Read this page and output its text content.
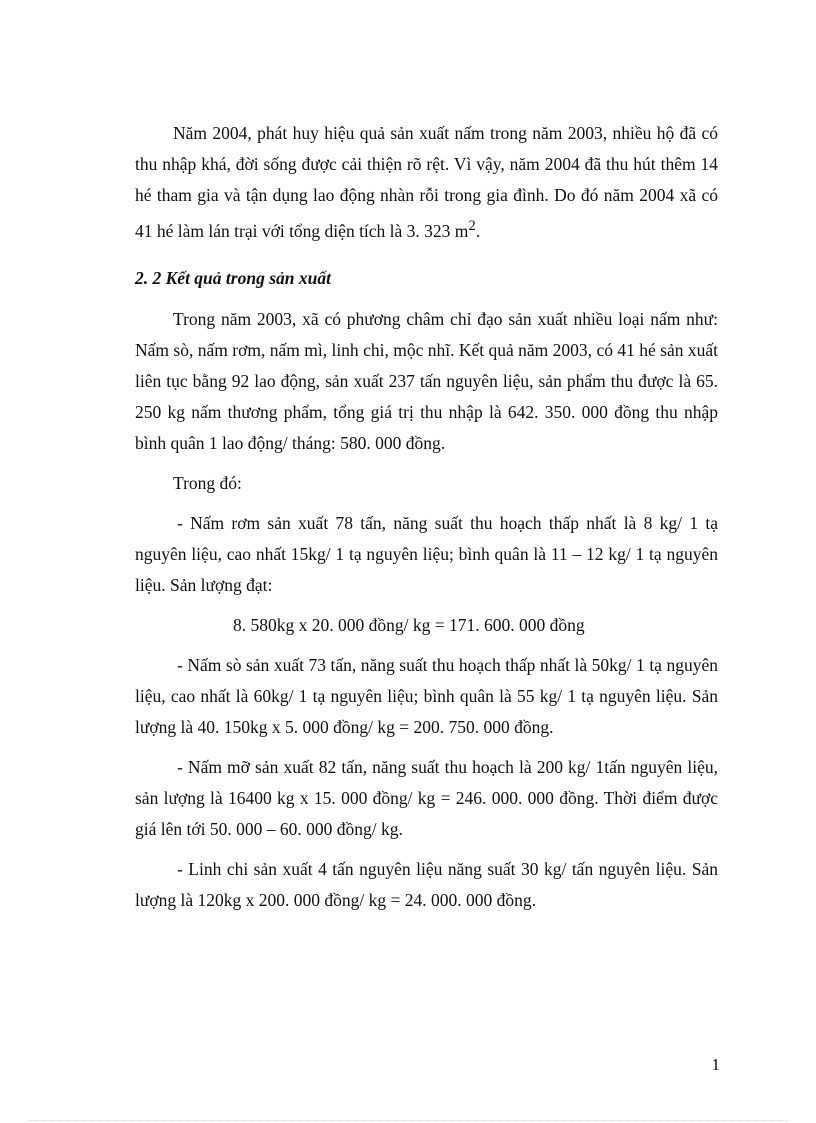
Năm 2004, phát huy hiệu quả sản xuất nấm trong năm 2003, nhiều hộ đã có thu nhập khá, đời sống được cải thiện rõ rệt. Vì vậy, năm 2004 đã thu hút thêm 14 hé tham gia và tận dụng lao động nhàn rỗi trong gia đình. Do đó năm 2004 xã có 41 hé làm lán trại với tổng diện tích là 3. 323 $m^2$.

2. 2 Kết quả trong sản xuất

Trong năm 2003, xã có phương châm chỉ đạo sản xuất nhiều loại nấm như: Nấm sò, nấm rơm, nấm mì, linh chi, mộc nhĩ. Kết quả năm 2003, có 41 hé sản xuất liên tục bằng 92 lao động, sản xuất 237 tấn nguyên liệu, sản phẩm thu được là 65. 250 kg nấm thương phẩm, tổng giá trị thu nhập là 642. 350. 000 đồng thu nhập bình quân 1 lao động/ tháng: 580. 000 đồng.

Trong đó:

- Nấm rơm sản xuất 78 tấn, năng suất thu hoạch thấp nhất là 8 kg/ 1 tạ nguyên liệu, cao nhất 15kg/ 1 tạ nguyên liệu; bình quân là 11 – 12 kg/ 1 tạ nguyên liệu. Sản lượng đạt:

8. 580kg x 20. 000 đồng/ kg = 171. 600. 000 đồng

- Nấm sò sản xuất 73 tấn, năng suất thu hoạch thấp nhất là 50kg/ 1 tạ nguyên liệu, cao nhất là 60kg/ 1 tạ nguyên liệu; bình quân là 55 kg/ 1 tạ nguyên liệu. Sản lượng là 40. 150kg x 5. 000 đồng/ kg = 200. 750. 000 đồng.

- Nấm mỡ sản xuất 82 tấn, năng suất thu hoạch là 200 kg/ 1tấn nguyên liệu, sản lượng là 16400 kg x 15. 000 đồng/ kg = 246. 000. 000 đồng. Thời điểm được giá lên tới 50. 000 – 60. 000 đồng/ kg.

- Linh chi sản xuất 4 tấn nguyên liệu năng suất 30 kg/ tấn nguyên liệu. Sản lượng là 120kg x 200. 000 đồng/ kg = 24. 000. 000 đồng.

1
